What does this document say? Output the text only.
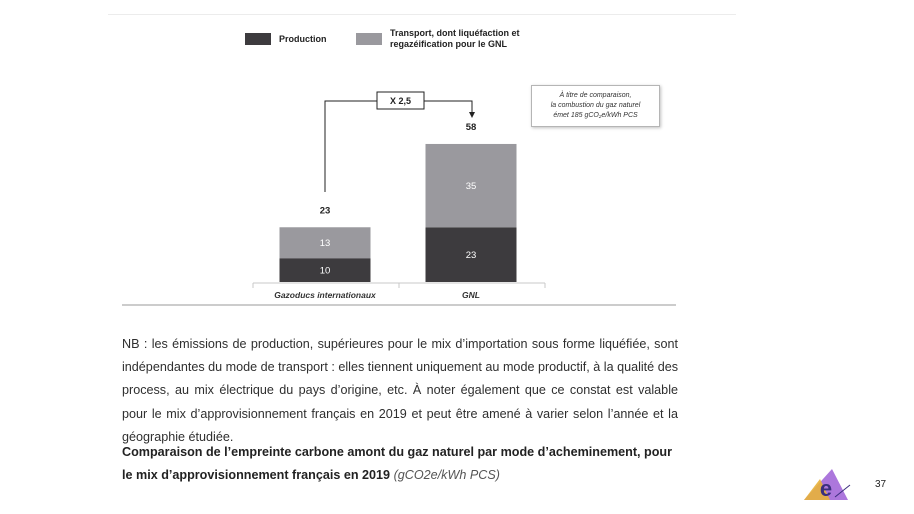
Production
Transport, dont liquéfaction et
regazéification pour le GNL
À titre de comparaison,
la combustion du gaz naturel
émet 185 gCO₂e/kWh PCS
10
13
23
23
35
58
X 2,5
Gazoducs internationaux	GNL
NB : les émissions de production, supérieures pour le mix d’importation sous forme liquéfiée, sont indépendantes du mode de transport : elles tiennent uniquement au mode productif, à la qualité des process, au mix électrique du pays d’origine, etc. À noter également que ce constat est valable pour le mix d’approvisionnement français en 2019 et peut être amené à varier selon l’année et la géographie étudiée.
Comparaison de l’empreinte carbone amont du gaz naturel par mode d’acheminement, pour le mix d’approvisionnement français en 2019 (gCO2e/kWh PCS)
e	37
